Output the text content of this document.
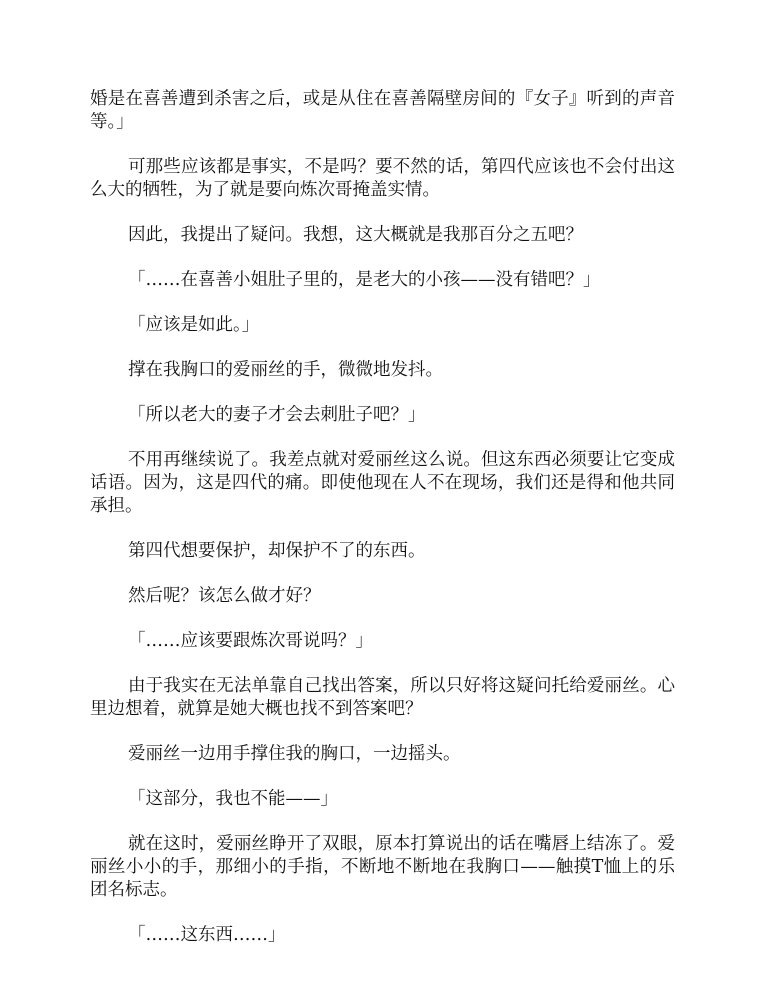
婚是在喜善遭到杀害之后，或是从住在喜善隔壁房间的『女子』听到的声音等。」

可那些应该都是事实，不是吗？要不然的话，第四代应该也不会付出这么大的牺牲，为了就是要向炼次哥掩盖实情。

因此，我提出了疑问。我想，这大概就是我那百分之五吧？

「……在喜善小姐肚子里的，是老大的小孩——没有错吧？」

「应该是如此。」

撑在我胸口的爱丽丝的手，微微地发抖。

「所以老大的妻子才会去刺肚子吧？」

不用再继续说了。我差点就对爱丽丝这么说。但这东西必须要让它变成话语。因为，这是四代的痛。即使他现在人不在现场，我们还是得和他共同承担。

第四代想要保护，却保护不了的东西。

然后呢？该怎么做才好？

「……应该要跟炼次哥说吗？」

由于我实在无法单靠自己找出答案，所以只好将这疑问托给爱丽丝。心里边想着，就算是她大概也找不到答案吧？

爱丽丝一边用手撑住我的胸口，一边摇头。

「这部分，我也不能——」

就在这时，爱丽丝睁开了双眼，原本打算说出的话在嘴唇上结冻了。爱丽丝小小的手，那细小的手指，不断地不断地在我胸口——触摸T恤上的乐团名标志。

「……这东西……」
